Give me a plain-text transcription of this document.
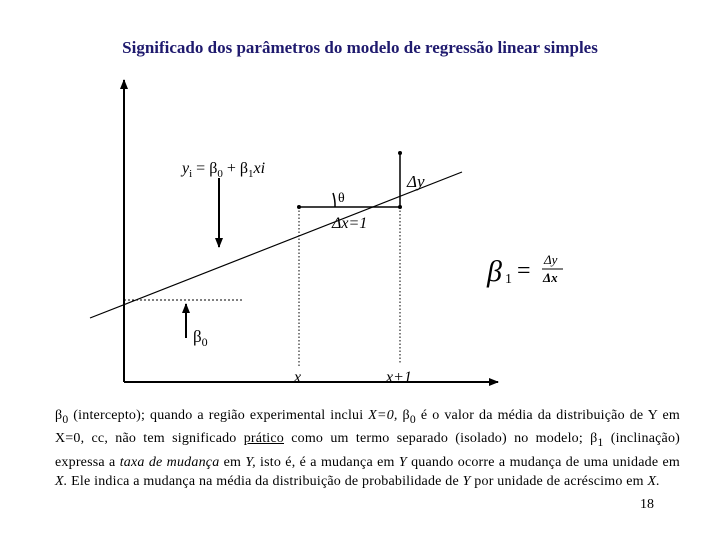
Significado dos parâmetros do modelo de regressão linear simples
$y_i = \beta_0 + \beta_1xi$
Δy
θ
Δx=1
$\beta_0$
x	x+1
β 1 = Δy
Δx
$\beta_0$ (intercepto); quando a região experimental inclui X=0, $\beta_0$ é o valor da média da distribuição de Y em X=0, cc, não tem significado prático como um termo separado (isolado) no modelo; $\beta_1$ (inclinação) expressa a taxa de mudança em Y, isto é, é a mudança em Y quando ocorre a mudança de uma unidade em X. Ele indica a mudança na média da distribuição de probabilidade de Y por unidade de acréscimo em X.
18
